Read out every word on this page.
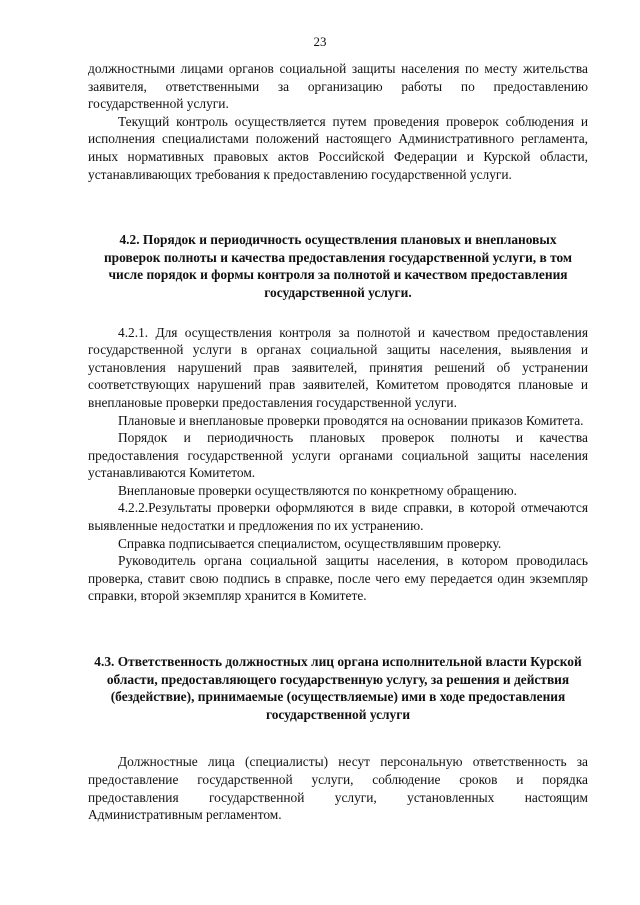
23

должностными лицами органов социальной защиты населения по месту жительства заявителя, ответственными за организацию работы по предоставлению государственной услуги.

Текущий контроль осуществляется путем проведения проверок соблюдения и исполнения специалистами положений настоящего Административного регламента, иных нормативных правовых актов Российской Федерации и Курской области, устанавливающих требования к предоставлению государственной услуги.

4.2. Порядок и периодичность осуществления плановых и внеплановых проверок полноты и качества предоставления государственной услуги, в том числе порядок и формы контроля за полнотой и качеством предоставления государственной услуги.

4.2.1. Для осуществления контроля за полнотой и качеством предоставления государственной услуги в органах социальной защиты населения, выявления и установления нарушений прав заявителей, принятия решений об устранении соответствующих нарушений прав заявителей, Комитетом проводятся плановые и внеплановые проверки предоставления государственной услуги.

Плановые и внеплановые проверки проводятся на основании приказов Комитета.

Порядок и периодичность плановых проверок полноты и качества предоставления государственной услуги органами социальной защиты населения устанавливаются Комитетом.

Внеплановые проверки осуществляются по конкретному обращению.

4.2.2.Результаты проверки оформляются в виде справки, в которой отмечаются выявленные недостатки и предложения по их устранению.

Справка подписывается специалистом, осуществлявшим проверку.

Руководитель органа социальной защиты населения, в котором проводилась проверка, ставит свою подпись в справке, после чего ему передается один экземпляр справки, второй экземпляр хранится в Комитете.

4.3. Ответственность должностных лиц органа исполнительной власти Курской области, предоставляющего государственную услугу, за решения и действия (бездействие), принимаемые (осуществляемые) ими в ходе предоставления государственной услуги

Должностные лица (специалисты) несут персональную ответственность за предоставление государственной услуги, соблюдение сроков и порядка предоставления государственной услуги, установленных настоящим Административным регламентом.
